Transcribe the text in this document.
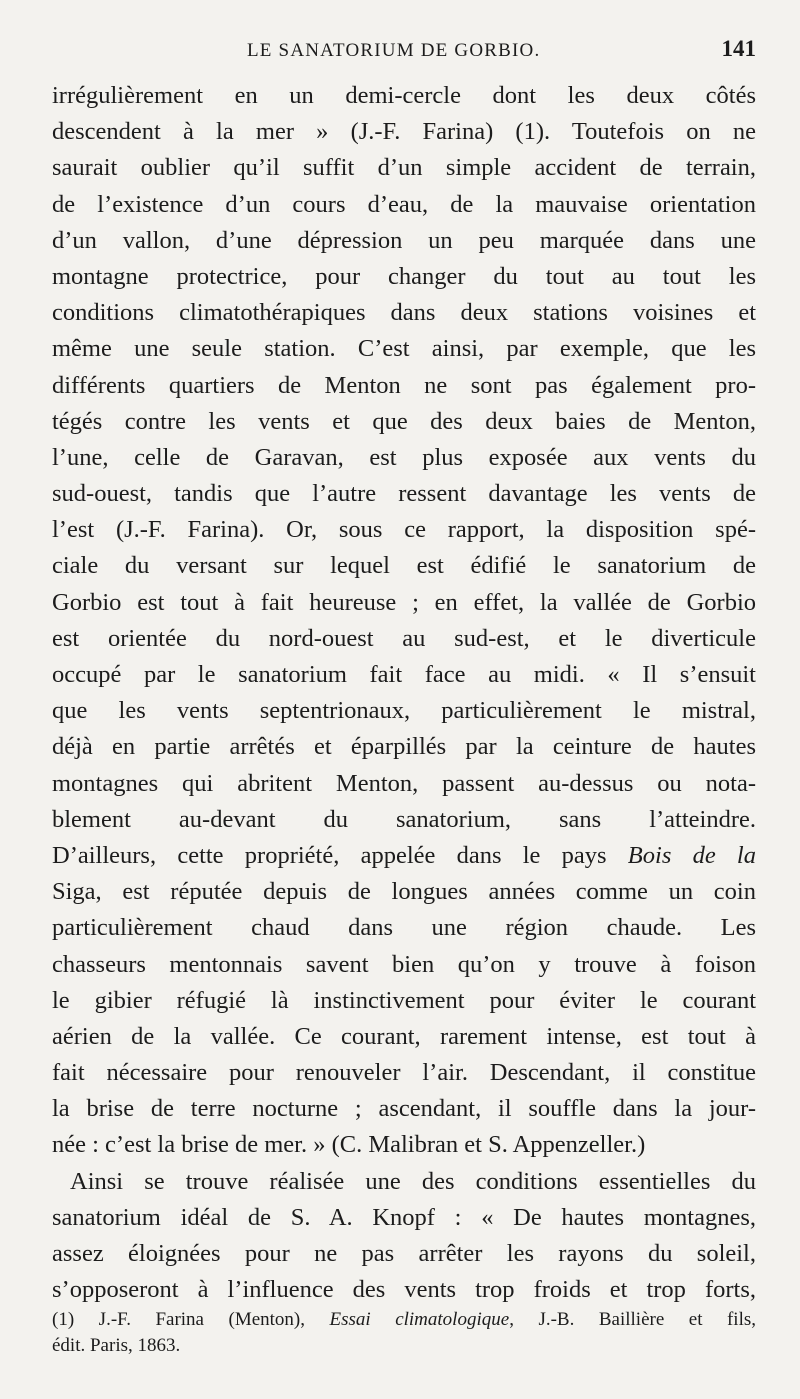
LE SANATORIUM DE GORBIO.	141
irrégulièrement en un demi-cercle dont les deux côtés
descendent à la mer » (J.-F. Farina) (1). Toutefois on ne
saurait oublier qu’il suffit d’un simple accident de terrain,
de l’existence d’un cours d’eau, de la mauvaise orientation
d’un vallon, d’une dépression un peu marquée dans une
montagne protectrice, pour changer du tout au tout les
conditions climatothérapiques dans deux stations voisines et
même une seule station. C’est ainsi, par exemple, que les
différents quartiers de Menton ne sont pas également pro-
tégés contre les vents et que des deux baies de Menton,
l’une, celle de Garavan, est plus exposée aux vents du
sud-ouest, tandis que l’autre ressent davantage les vents de
l’est (J.-F. Farina). Or, sous ce rapport, la disposition spé-
ciale du versant sur lequel est édifié le sanatorium de
Gorbio est tout à fait heureuse ; en effet, la vallée de Gorbio
est orientée du nord-ouest au sud-est, et le diverticule
occupé par le sanatorium fait face au midi. « Il s’ensuit
que les vents septentrionaux, particulièrement le mistral,
déjà en partie arrêtés et éparpillés par la ceinture de hautes
montagnes qui abritent Menton, passent au-dessus ou nota-
blement au-devant du sanatorium, sans l’atteindre.
D’ailleurs, cette propriété, appelée dans le pays Bois de la
Siga, est réputée depuis de longues années comme un coin
particulièrement chaud dans une région chaude. Les
chasseurs mentonnais savent bien qu’on y trouve à foison
le gibier réfugié là instinctivement pour éviter le courant
aérien de la vallée. Ce courant, rarement intense, est tout à
fait nécessaire pour renouveler l’air. Descendant, il constitue
la brise de terre nocturne ; ascendant, il souffle dans la jour-
née : c’est la brise de mer. » (C. Malibran et S. Appenzeller.)
Ainsi se trouve réalisée une des conditions essentielles du
sanatorium idéal de S. A. Knopf : « De hautes montagnes,
assez éloignées pour ne pas arrêter les rayons du soleil,
s’opposeront à l’influence des vents trop froids et trop forts,
(1) J.-F. Farina (Menton), Essai climatologique, J.-B. Baillière et fils,
édit. Paris, 1863.
